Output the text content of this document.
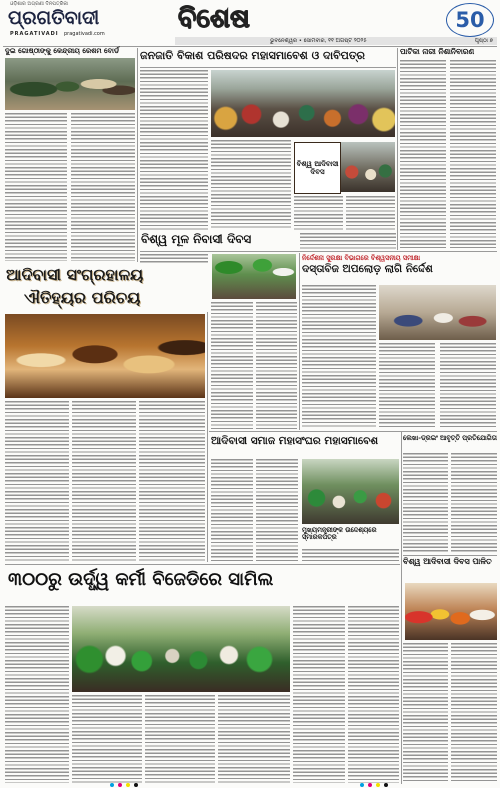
ଓଡ଼ିଶାର ଅଗ୍ରଣୀ ଦିନପତ୍ରିକା
ପ୍ରଗତିବାଦୀ
PRAGATIVADI pragativadi.com	ବିଶେଷ	50
ଭୁବନେଶ୍ୱର • ସୋମବାର, ୧୧ ଅଗଷ୍ଟ ୨୦୨୫	ପୃଷ୍ଠା ୭
ଦୁଇ ଗୋଷ୍ଠୀଙ୍କୁ କେନ୍ଦ୍ରୀୟ ରେଶମ ବୋର୍ଡ	ଜନଜାତି ବିକାଶ ପରିଷଦର ମହାସମାବେଶ ଓ ଦାବିପତ୍ର
ବିଶ୍ୱ ଆଦିବାସୀ ଦିବସ
ପାଟିକା ନାରୀ ନିଶାନିବାରଣ
ବିଶ୍ୱ ମୂଳ ନିବାସୀ ଦିବସ
ଆଦିବାସୀ ସଂଗ୍ରହାଳୟ
ଐତିହ୍ୟର ପରିଚୟ
ନିର୍ଦ୍ଦେଶନା ସୁରକ୍ଷା ବିଭାଗରେ ବିଶ୍ୱସନୀୟ ସମୀକ୍ଷା
ଦସ୍ତାବିଜ ଅପଲୋଡ଼ ଲାଗି ନିର୍ଦ୍ଦେଶ
ଆଦିବାସୀ ସମାଜ ମହାସଂଘର ମହାସମାବେଶ
ମୁଖ୍ୟମନ୍ତ୍ରୀଙ୍କ ଉଦ୍ଦେଶ୍ୟରେ ସ୍ମାରକପତ୍ର
ଲେଖା-ଡ୍ରଇଂ ଆବୃତ୍ତି ପ୍ରତିଯୋଗିତା
ବିଶ୍ୱ ଆଦିବାସୀ ଦିବସ ପାଳିତ
୩୦୦ରୁ ଉର୍ଦ୍ଧ୍ୱ କର୍ମୀ ବିଜେଡିରେ ସାମିଲ
